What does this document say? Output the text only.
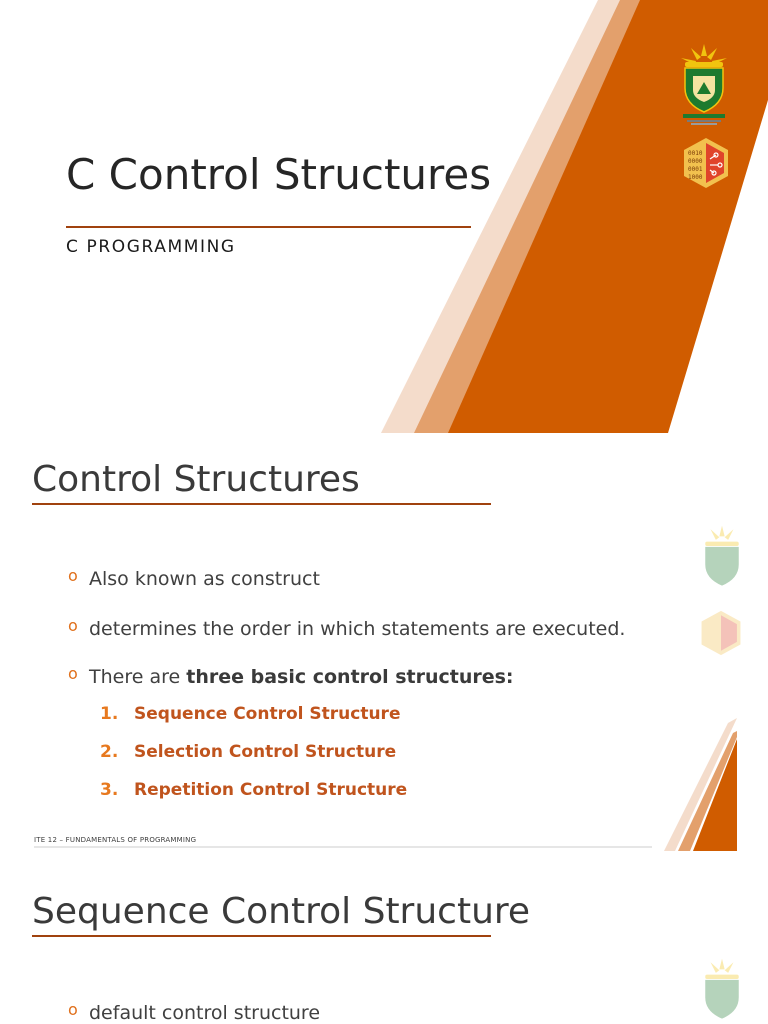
C Control Structures

C PROGRAMMING

0010
0000
0001
1000
Control Structures
o Also known as construct
o determines the order in which statements are executed.
o There are three basic control structures:
1. Sequence Control Structure
2. Selection Control Structure
3. Repetition Control Structure
ITE 12 – FUNDAMENTALS OF PROGRAMMING
Sequence Control Structure
o default control structure
